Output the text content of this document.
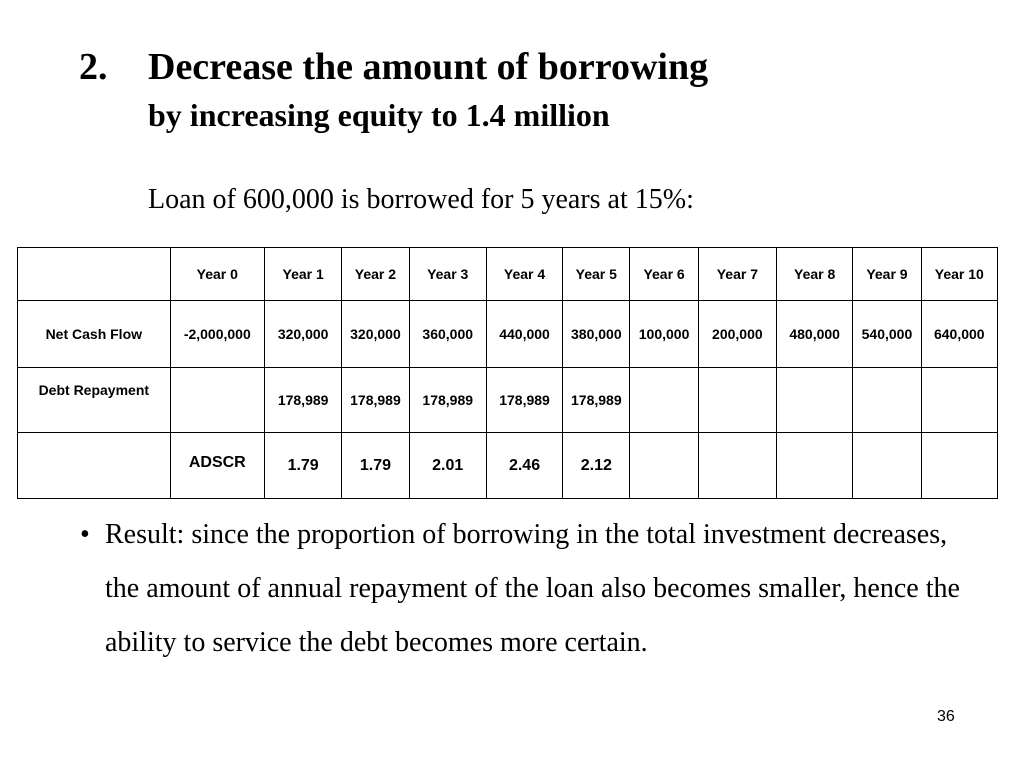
2. Decrease the amount of borrowing
by increasing equity to 1.4 million
Loan of 600,000 is borrowed for 5 years at 15%:
	Year 0	Year 1	Year 2	Year 3	Year 4	Year 5	Year 6	Year 7	Year 8	Year 9	Year 10
Net Cash Flow	-2,000,000	320,000	320,000	360,000	440,000	380,000	100,000	200,000	480,000	540,000	640,000
Debt Repayment		178,989	178,989	178,989	178,989	178,989					
	ADSCR	1.79	1.79	2.01	2.46	2.12					
• Result: since the proportion of borrowing in the total investment decreases, the amount of annual repayment of the loan also becomes smaller, hence the ability to service the debt becomes more certain.
36
